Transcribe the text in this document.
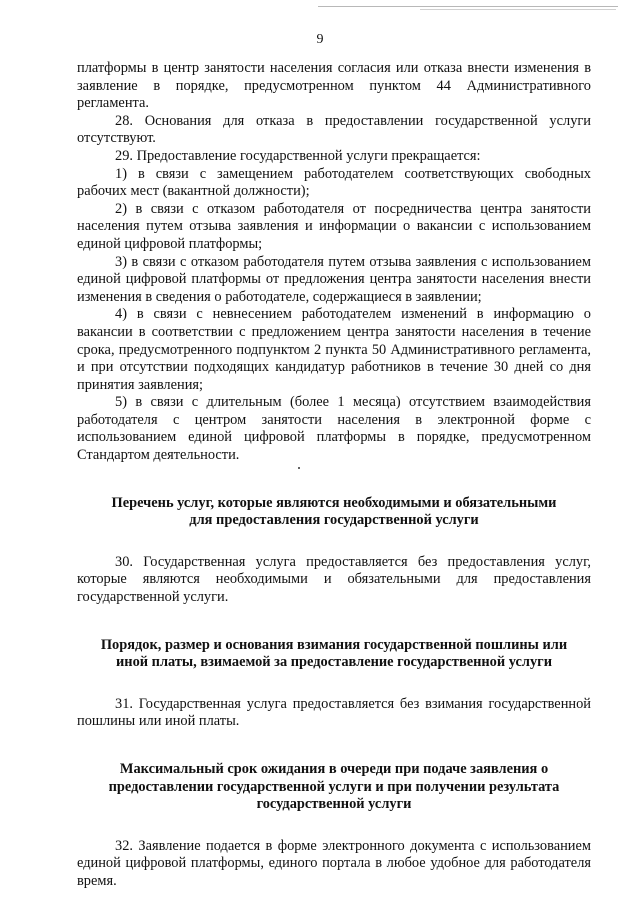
9

платформы в центр занятости населения согласия или отказа внести изменения в заявление в порядке, предусмотренном пунктом 44 Административного регламента.

28. Основания для отказа в предоставлении государственной услуги отсутствуют.

29. Предоставление государственной услуги прекращается:

1) в связи с замещением работодателем соответствующих свободных рабочих мест (вакантной должности);

2) в связи с отказом работодателя от посредничества центра занятости населения путем отзыва заявления и информации о вакансии с использованием единой цифровой платформы;

3) в связи с отказом работодателя путем отзыва заявления с использованием единой цифровой платформы от предложения центра занятости населения внести изменения в сведения о работодателе, содержащиеся в заявлении;

4) в связи с невнесением работодателем изменений в информацию о вакансии в соответствии с предложением центра занятости населения в течение срока, предусмотренного подпунктом 2 пункта 50 Административного регламента, и при отсутствии подходящих кандидатур работников в течение 30 дней со дня принятия заявления;

5) в связи с длительным (более 1 месяца) отсутствием взаимодействия работодателя с центром занятости населения в электронной форме с использованием единой цифровой платформы в порядке, предусмотренном Стандартом деятельности.

Перечень услуг, которые являются необходимыми и обязательными
для предоставления государственной услуги

30. Государственная услуга предоставляется без предоставления услуг, которые являются необходимыми и обязательными для предоставления государственной услуги.

Порядок, размер и основания взимания государственной пошлины или
иной платы, взимаемой за предоставление государственной услуги

31. Государственная услуга предоставляется без взимания государственной пошлины или иной платы.

Максимальный срок ожидания в очереди при подаче заявления о
предоставлении государственной услуги и при получении результата
государственной услуги

32. Заявление подается в форме электронного документа с использованием единой цифровой платформы, единого портала в любое удобное для работодателя время.
